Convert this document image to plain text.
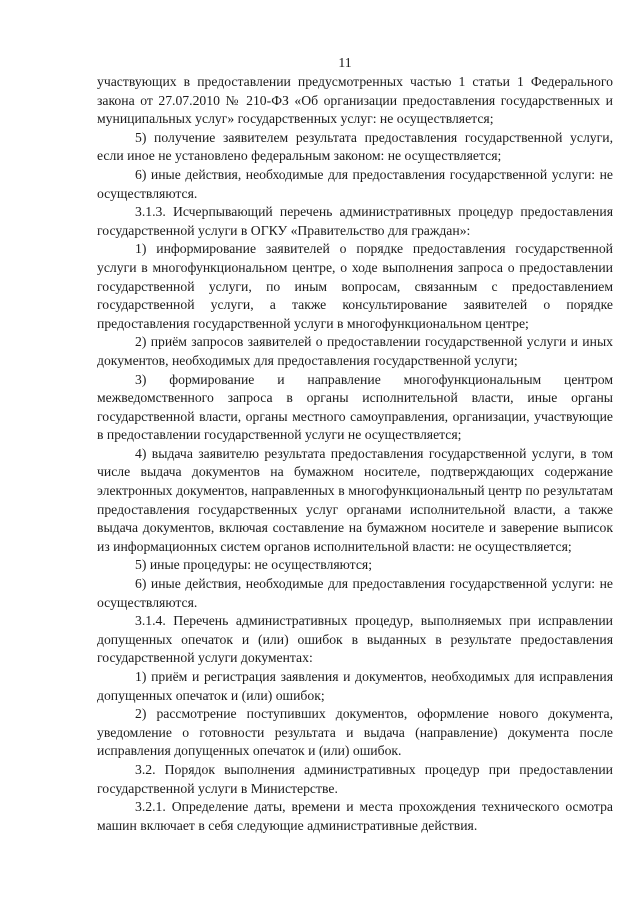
11

участвующих в предоставлении предусмотренных частью 1 статьи 1 Федерального закона от 27.07.2010 № 210-ФЗ «Об организации предоставления государственных и муниципальных услуг» государственных услуг: не осуществляется;

5) получение заявителем результата предоставления государственной услуги, если иное не установлено федеральным законом: не осуществляется;

6) иные действия, необходимые для предоставления государственной услуги: не осуществляются.

3.1.3. Исчерпывающий перечень административных процедур предоставления государственной услуги в ОГКУ «Правительство для граждан»:

1) информирование заявителей о порядке предоставления государственной услуги в многофункциональном центре, о ходе выполнения запроса о предоставлении государственной услуги, по иным вопросам, связанным с предоставлением государственной услуги, а также консультирование заявителей о порядке предоставления государственной услуги в многофункциональном центре;

2) приём запросов заявителей о предоставлении государственной услуги и иных документов, необходимых для предоставления государственной услуги;

3) формирование и направление многофункциональным центром межведомственного запроса в органы исполнительной власти, иные органы государственной власти, органы местного самоуправления, организации, участвующие в предоставлении государственной услуги не осуществляется;

4) выдача заявителю результата предоставления государственной услуги, в том числе выдача документов на бумажном носителе, подтверждающих содержание электронных документов, направленных в многофункциональный центр по результатам предоставления государственных услуг органами исполнительной власти, а также выдача документов, включая составление на бумажном носителе и заверение выписок из информационных систем органов исполнительной власти: не осуществляется;

5) иные процедуры: не осуществляются;

6) иные действия, необходимые для предоставления государственной услуги: не осуществляются.

3.1.4. Перечень административных процедур, выполняемых при исправлении допущенных опечаток и (или) ошибок в выданных в результате предоставления государственной услуги документах:

1) приём и регистрация заявления и документов, необходимых для исправления допущенных опечаток и (или) ошибок;

2) рассмотрение поступивших документов, оформление нового документа, уведомление о готовности результата и выдача (направление) документа после исправления допущенных опечаток и (или) ошибок.

3.2. Порядок выполнения административных процедур при предоставлении государственной услуги в Министерстве.

3.2.1. Определение даты, времени и места прохождения технического осмотра машин включает в себя следующие административные действия.
